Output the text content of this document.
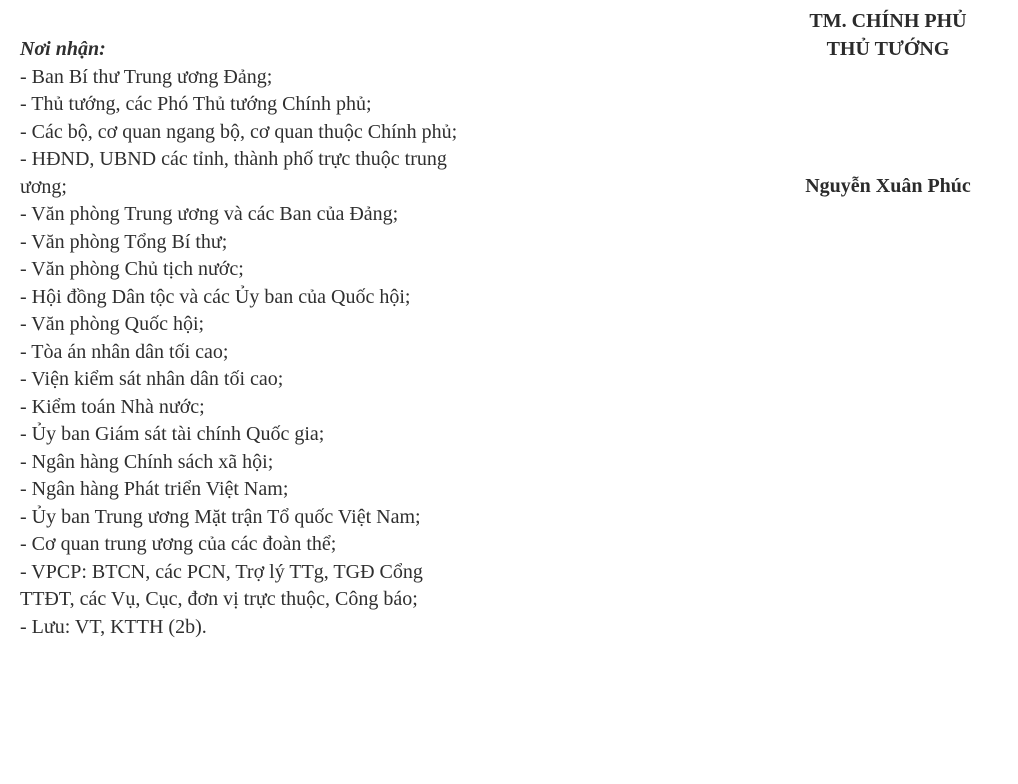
Nơi nhận:
- Ban Bí thư Trung ương Đảng;
- Thủ tướng, các Phó Thủ tướng Chính phủ;
- Các bộ, cơ quan ngang bộ, cơ quan thuộc Chính phủ;
- HĐND, UBND các tỉnh, thành phố trực thuộc trung ương;
- Văn phòng Trung ương và các Ban của Đảng;
- Văn phòng Tổng Bí thư;
- Văn phòng Chủ tịch nước;
- Hội đồng Dân tộc và các Ủy ban của Quốc hội;
- Văn phòng Quốc hội;
- Tòa án nhân dân tối cao;
- Viện kiểm sát nhân dân tối cao;
- Kiểm toán Nhà nước;
- Ủy ban Giám sát tài chính Quốc gia;
- Ngân hàng Chính sách xã hội;
- Ngân hàng Phát triển Việt Nam;
- Ủy ban Trung ương Mặt trận Tổ quốc Việt Nam;
- Cơ quan trung ương của các đoàn thể;
- VPCP: BTCN, các PCN, Trợ lý TTg, TGĐ Cổng TTĐT, các Vụ, Cục, đơn vị trực thuộc, Công báo;
- Lưu: VT, KTTH (2b).
TM. CHÍNH PHỦ
THỦ TƯỚNG
Nguyễn Xuân Phúc
